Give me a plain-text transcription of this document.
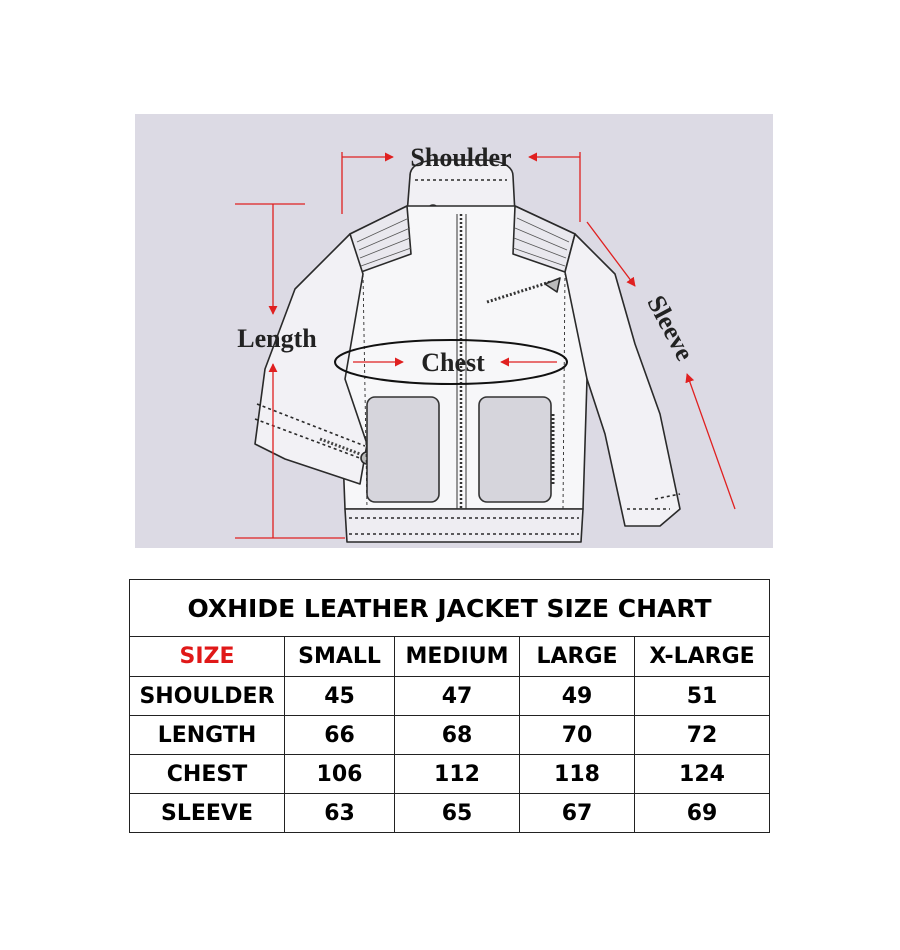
Shoulder
Length
Chest	Sleeve
OXHIDE LEATHER JACKET SIZE CHART				
SIZE	SMALL	MEDIUM	LARGE	X-LARGE
SHOULDER	45	47	49	51
LENGTH	66	68	70	72
CHEST	106	112	118	124
SLEEVE	63	65	67	69
